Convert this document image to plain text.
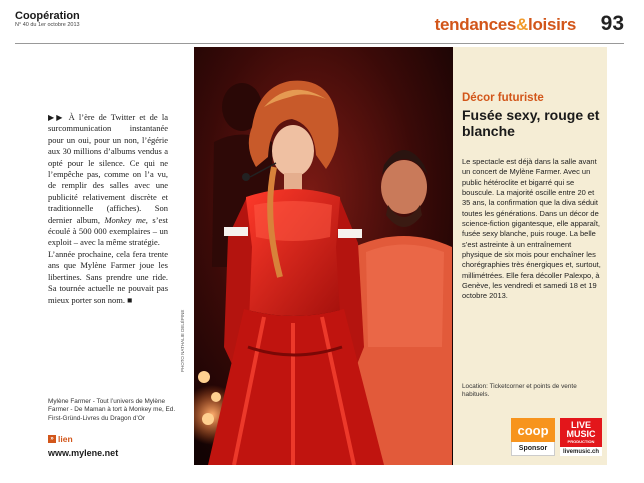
Coopération
N° 40 du 1er octobre 2013	tendances&loisirs 93

▶▶ À l’ère de Twitter et de la surcommunication instantanée pour un oui, pour un non, l’égérie aux 30 millions d’albums vendus a opté pour le silence. Ce qui ne l’empêche pas, comme on l’a vu, de remplir des salles avec une publicité relativement discrète et traditionnelle (affiches). Son dernier album, Monkey me, s’est écoulé à 500 000 exemplaires – un exploit – avec la même stratégie.

L’année prochaine, cela fera trente ans que Mylène Farmer joue les libertines. Sans prendre une ride. Sa tournée actuelle ne pouvait pas mieux porter son nom. ■

Mylène Farmer - Tout l’univers de Mylène Farmer - De Maman à tort à Monkey me, Ed. First-Gründ-Livres du Dragon d’Or

» lien
www.mylene.net
PHOTO NATHALIE DELÉPINE
Décor futuriste
Fusée sexy, rouge et blanche

Le spectacle est déjà dans la salle avant un concert de Mylène Farmer. Avec un public hétéroclite et bigarré qui se bouscule. La majorité oscille entre 20 et 35 ans, la confirmation que la diva séduit toutes les générations. Dans un décor de science-fiction gigantesque, elle apparaît, fusée sexy blanche, puis rouge. La belle s’est astreinte à un entraînement physique de six mois pour enchaîner les chorégraphies très énergiques et, surtout, millimétrées. Elle fera décoller Palexpo, à Genève, les vendredi et samedi 18 et 19 octobre 2013.

Location: Ticketcorner et points de vente habituels.

coop
Sponsor
LIVE
MUSIC
PRODUCTION
livemusic.ch
